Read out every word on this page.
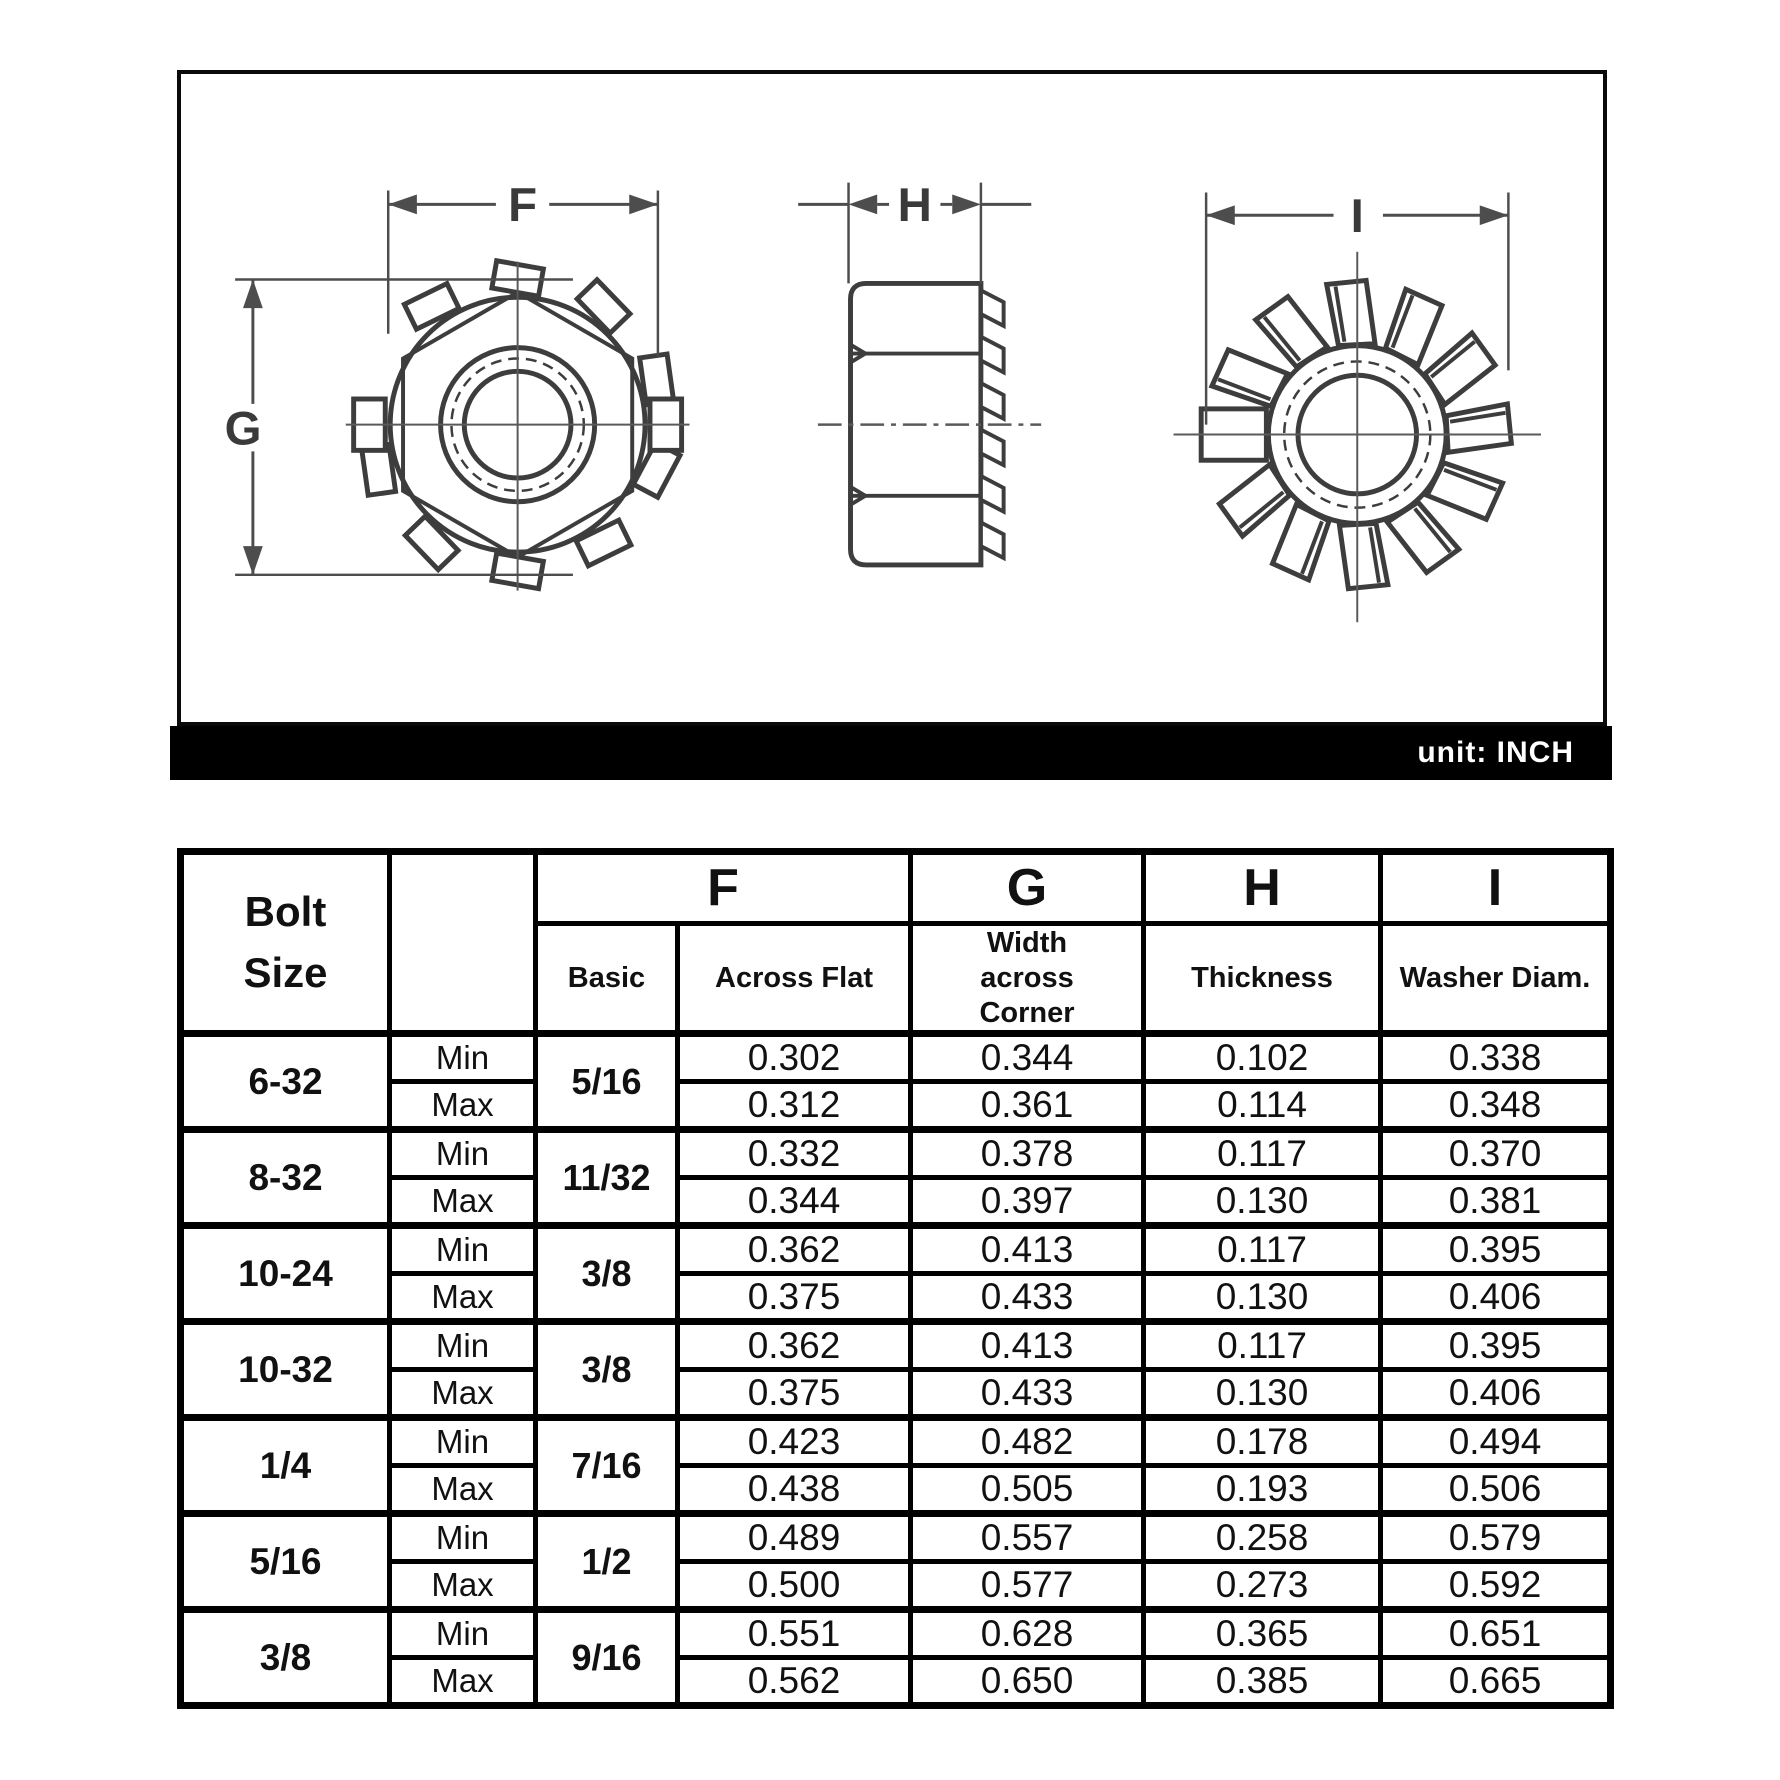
F
G
H	I
unit: INCH
Bolt
Size		F		G	H	I
		Basic	Across Flat	Width across Corner	Thickness	Washer Diam.
6-32	Min	5/16	0.302	0.344	0.102	0.338
	Max		0.312	0.361	0.114	0.348
8-32	Min	11/32	0.332	0.378	0.117	0.370
	Max		0.344	0.397	0.130	0.381
10-24	Min	3/8	0.362	0.413	0.117	0.395
	Max		0.375	0.433	0.130	0.406
10-32	Min	3/8	0.362	0.413	0.117	0.395
	Max		0.375	0.433	0.130	0.406
1/4	Min	7/16	0.423	0.482	0.178	0.494
	Max		0.438	0.505	0.193	0.506
5/16	Min	1/2	0.489	0.557	0.258	0.579
	Max		0.500	0.577	0.273	0.592
3/8	Min	9/16	0.551	0.628	0.365	0.651
	Max		0.562	0.650	0.385	0.665
